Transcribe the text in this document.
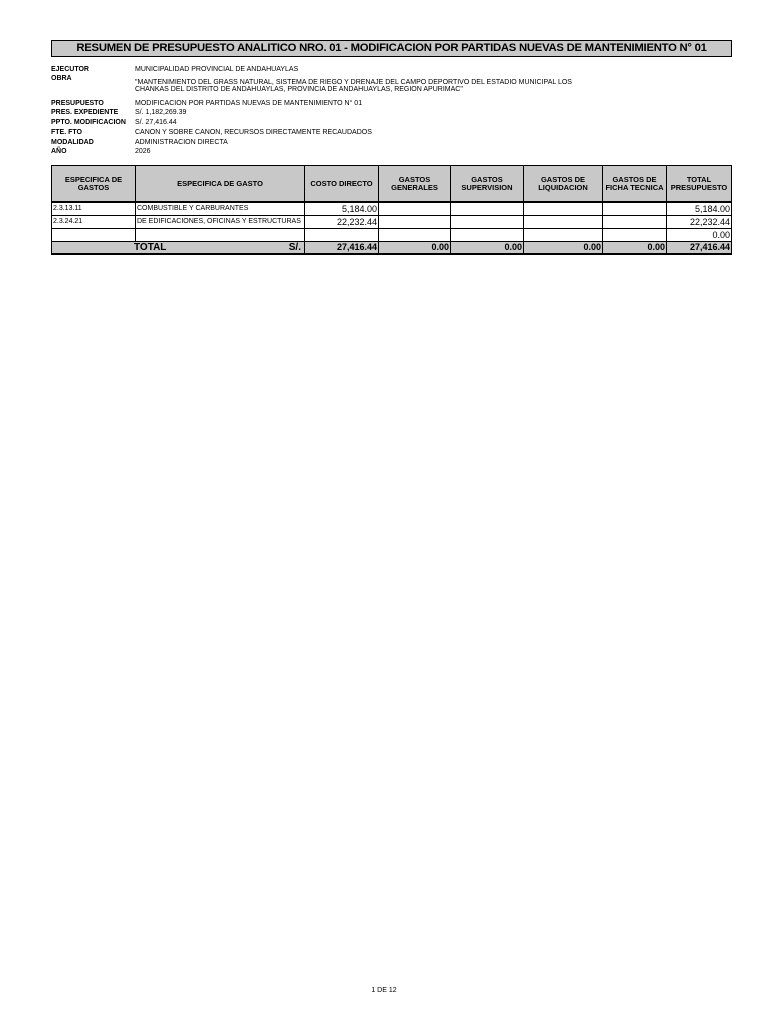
RESUMEN DE PRESUPUESTO ANALITICO NRO. 01 - MODIFICACION POR PARTIDAS NUEVAS DE MANTENIMIENTO N° 01
EJECUTOR	MUNICIPALIDAD PROVINCIAL DE ANDAHUAYLAS
OBRA
"MANTENIMIENTO DEL GRASS NATURAL, SISTEMA DE RIEGO Y DRENAJE DEL CAMPO DEPORTIVO DEL ESTADIO MUNICIPAL LOS
CHANKAS DEL DISTRITO DE ANDAHUAYLAS, PROVINCIA DE ANDAHUAYLAS, REGION APURIMAC"
PRESUPUESTO	MODIFICACION POR PARTIDAS NUEVAS DE MANTENIMIENTO N° 01
PRES. EXPEDIENTE S/. 1,182,269.39
PPTO. MODIFICACION S/. 27,416.44
FTE. FTO	CANON Y SOBRE CANON, RECURSOS DIRECTAMENTE RECAUDADOS
MODALIDAD	ADMINISTRACION DIRECTA
AÑO	2026
ESPECIFICA DE GASTOS	ESPECIFICA DE GASTO	COSTO DIRECTO	GASTOS GENERALES	GASTOS SUPERVISION	GASTOS DE LIQUIDACION	GASTOS DE FICHA TECNICA	TOTAL PRESUPUESTO
2.3.13.11	COMBUSTIBLE Y CARBURANTES	5,184.00					5,184.00
2.3.24.21	DE EDIFICACIONES, OFICINAS Y ESTRUCTURAS	22,232.44					22,232.44
							0.00

TOTAL S/.		27,416.44	0.00	0.00	0.00	0.00	27,416.44
1 DE 12
